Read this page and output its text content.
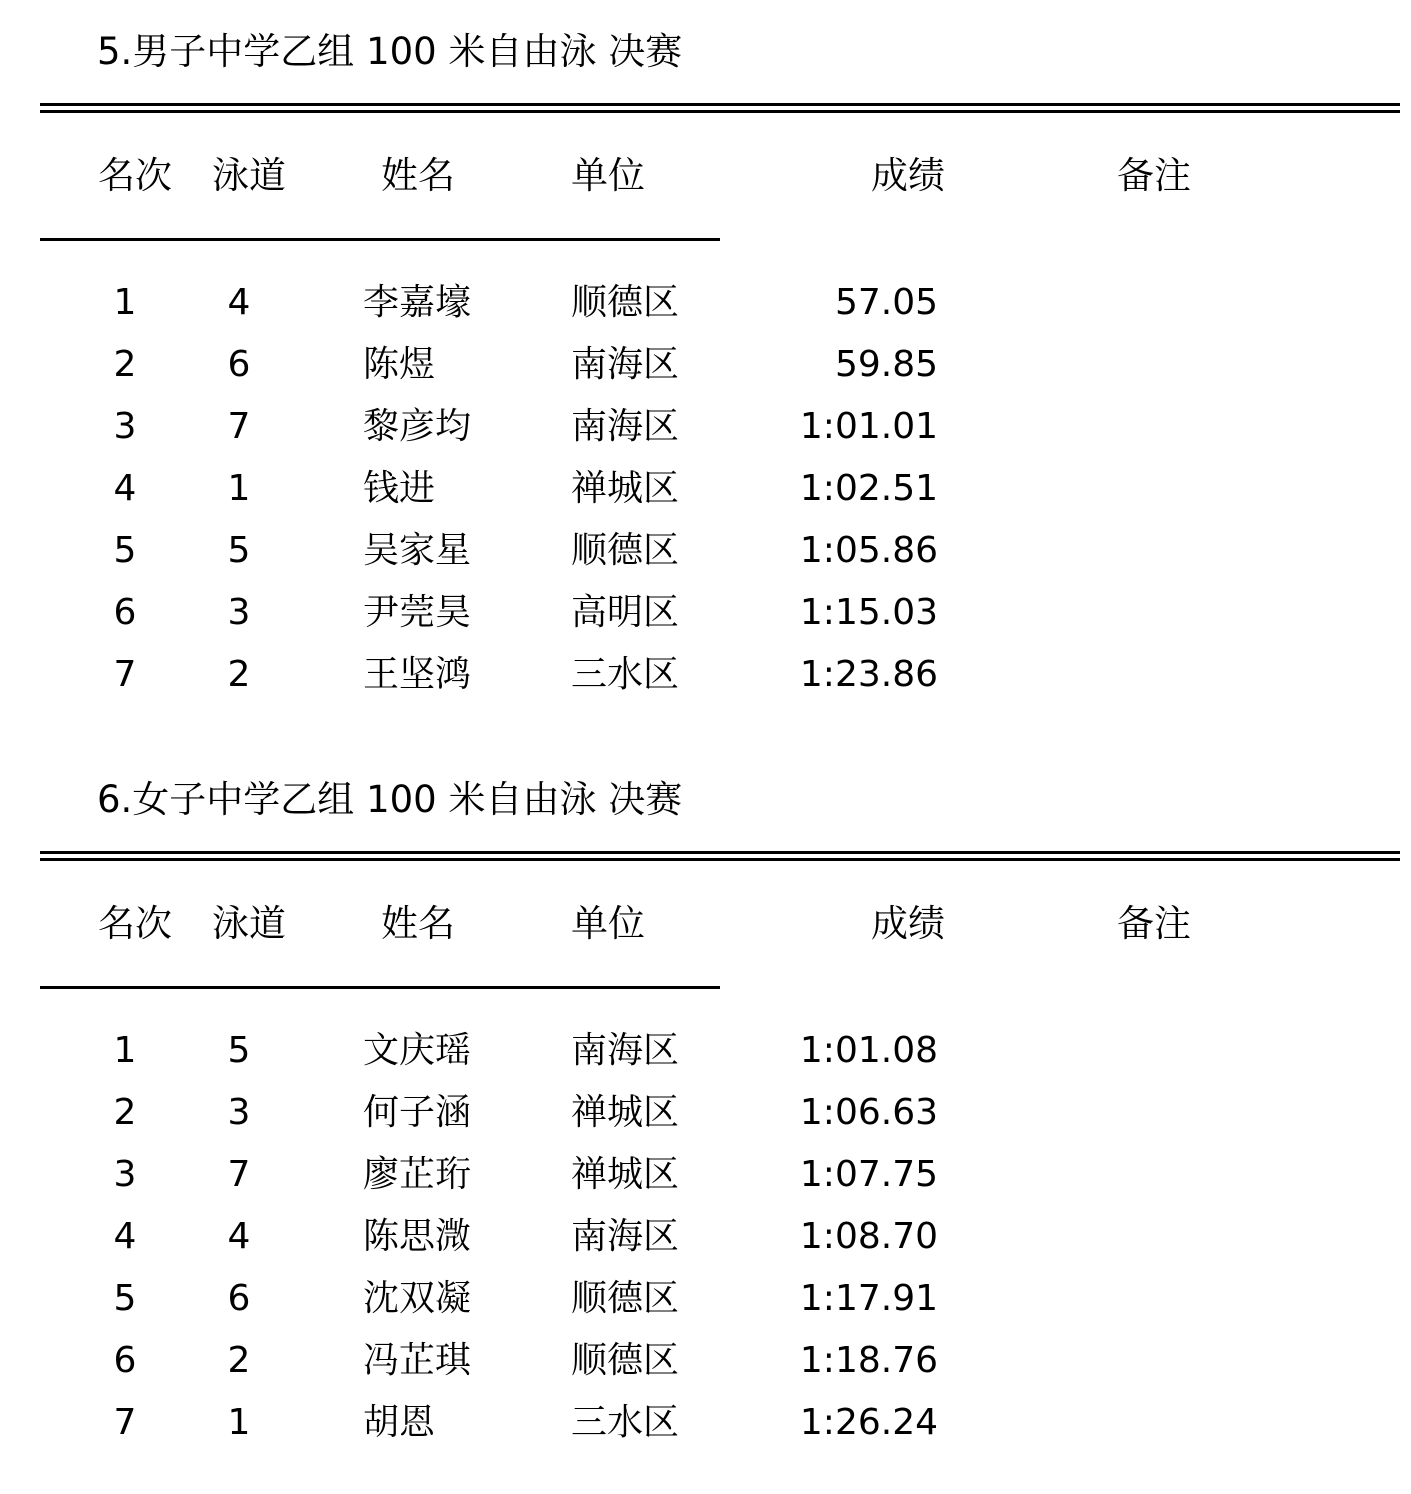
5.男子中学乙组 100 米自由泳 决赛
名次 泳道	姓名	单位	成绩	备注
1	4	李嘉壕	顺德区	57.05
2	6	陈煜	南海区	59.85
3	7	黎彦均	南海区	1:01.01
4	1	钱进	禅城区	1:02.51
5	5	吴家星	顺德区	1:05.86
6	3	尹莞昊	高明区	1:15.03
7	2	王坚鸿	三水区	1:23.86
6.女子中学乙组 100 米自由泳 决赛
名次 泳道	姓名	单位	成绩	备注
1	5	文庆瑶	南海区	1:01.08
2	3	何子涵	禅城区	1:06.63
3	7	廖芷珩	禅城区	1:07.75
4	4	陈思溦	南海区	1:08.70
5	6	沈双凝	顺德区	1:17.91
6	2	冯芷琪	顺德区	1:18.76
7	1	胡恩	三水区	1:26.24
